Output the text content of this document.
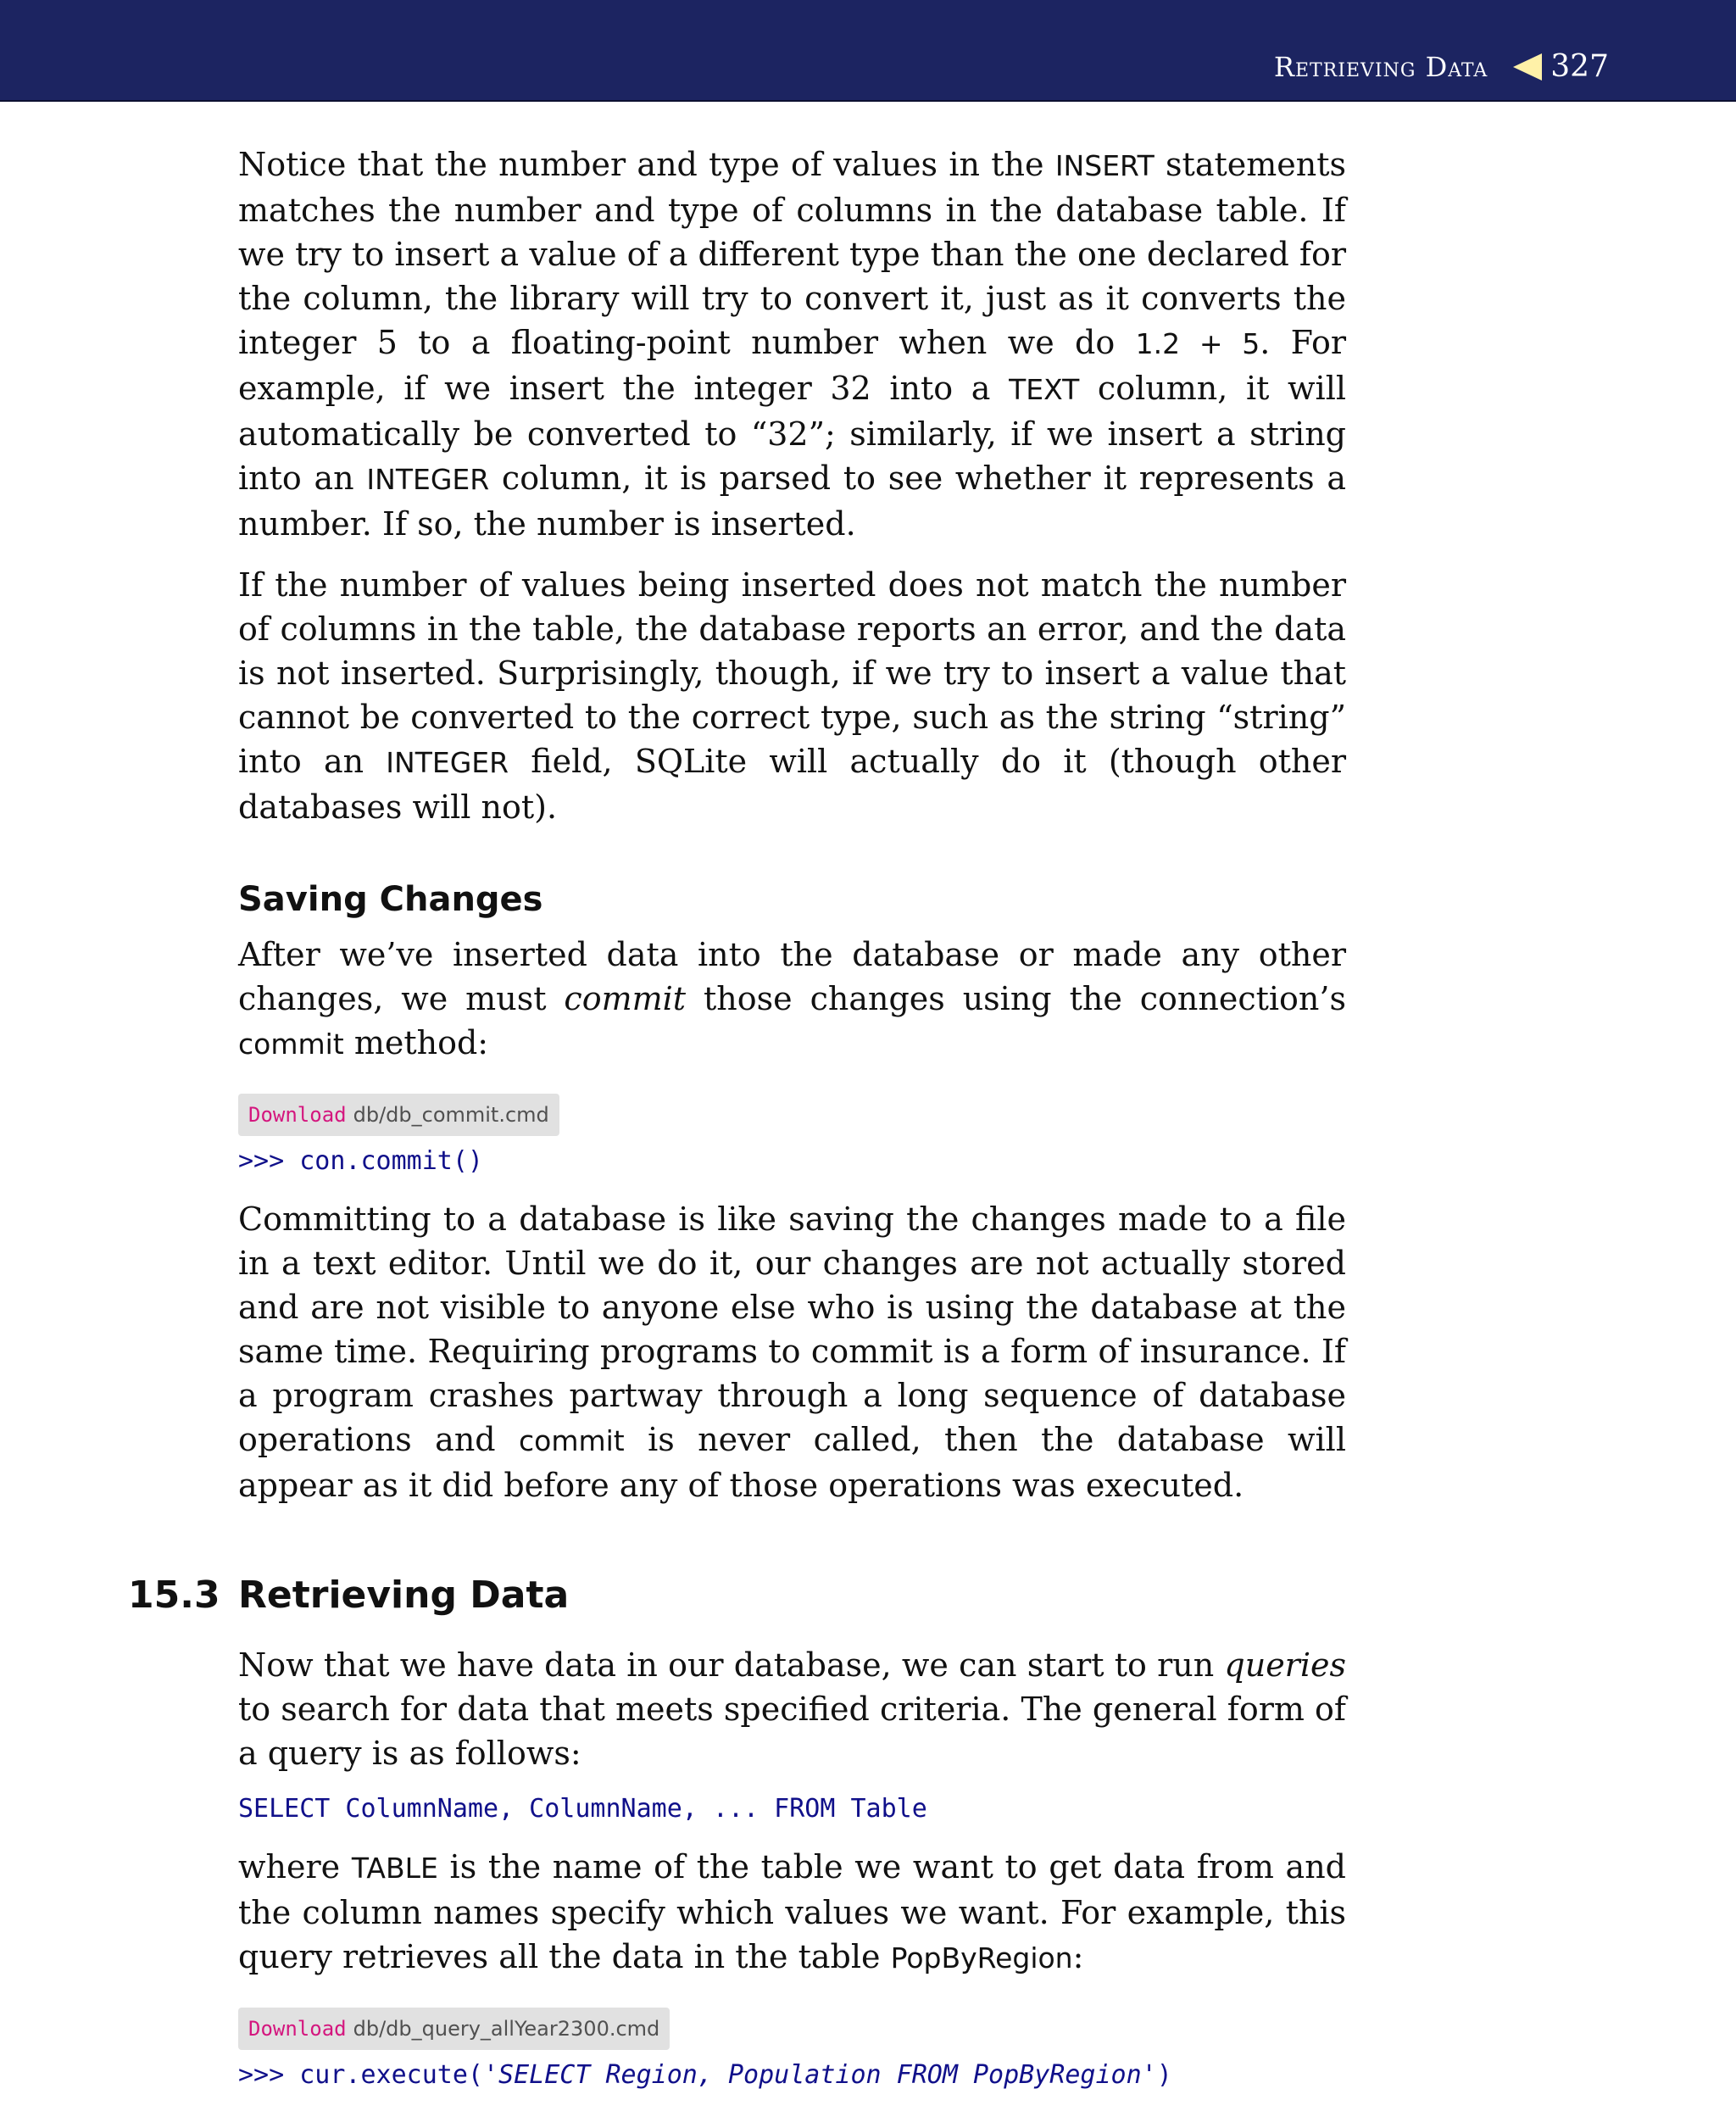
Retrieving Data 327

Notice that the number and type of values in the INSERT statements matches the number and type of columns in the database table. If we try to insert a value of a different type than the one declared for the column, the library will try to convert it, just as it converts the integer 5 to a floating-point number when we do 1.2 + 5. For example, if we insert the integer 32 into a TEXT column, it will automatically be converted to “32”; similarly, if we insert a string into an INTEGER column, it is parsed to see whether it represents a number. If so, the number is inserted.

If the number of values being inserted does not match the number of columns in the table, the database reports an error, and the data is not inserted. Surprisingly, though, if we try to insert a value that cannot be converted to the correct type, such as the string “string” into an INTEGER field, SQLite will actually do it (though other databases will not).

Saving Changes

After we’ve inserted data into the database or made any other changes, we must commit those changes using the connection’s commit method:

Download db/db_commit.cmd
>>> con.commit()

Committing to a database is like saving the changes made to a file in a text editor. Until we do it, our changes are not actually stored and are not visible to anyone else who is using the database at the same time. Requiring programs to commit is a form of insurance. If a program crashes partway through a long sequence of database operations and commit is never called, then the database will appear as it did before any of those operations was executed.

15.3 Retrieving Data

Now that we have data in our database, we can start to run queries to search for data that meets specified criteria. The general form of a query is as follows:

SELECT ColumnName, ColumnName, ... FROM Table

where TABLE is the name of the table we want to get data from and the column names specify which values we want. For example, this query retrieves all the data in the table PopByRegion:

Download db/db_query_allYear2300.cmd
>>> cur.execute('SELECT Region, Population FROM PopByRegion')
